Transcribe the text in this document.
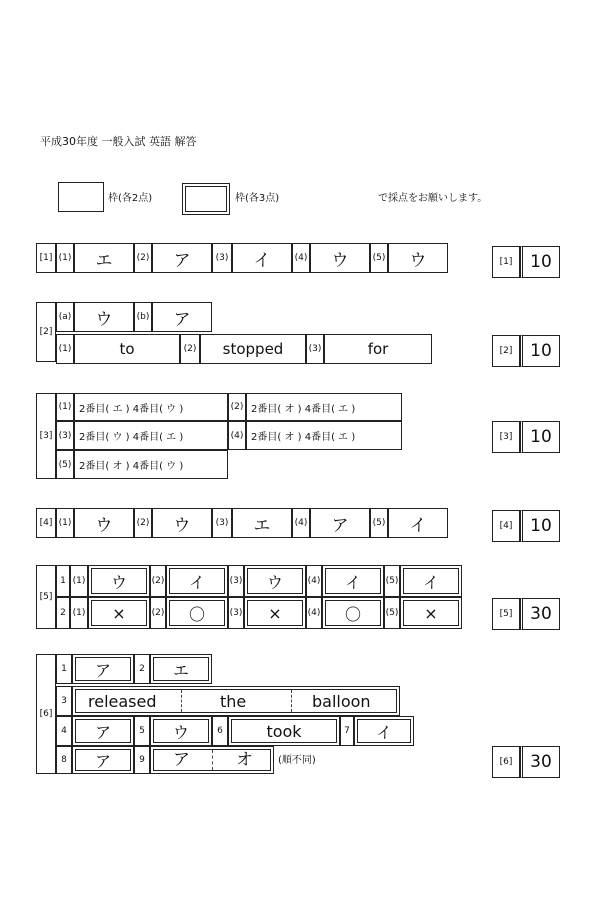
平成30年度 一般入試 英語 解答
枠(各2点)	枠(各3点)	で採点をお願いします。
[1] (1)	エ	(2)	ア	(3)	イ	(4)	ウ	(5)	ウ	[1]	10
[2]
(a)	ウ	(b)	ア
(1)	to	(2)	stopped	(3)	for	[2]	10
[3]
(1) 2番目( エ ) 4番目( ウ )	(2) 2番目( オ ) 4番目( エ )
(3) 2番目( ウ ) 4番目( エ )	(4) 2番目( オ ) 4番目( エ )
(5) 2番目( オ ) 4番目( ウ )
[3]	10
[4] (1)	ウ	(2)	ウ	(3)	エ	(4)	ア	(5)	イ	[4]	10
[5]
1 (1)	ウ	(2)	イ	(3)	ウ	(4)	イ	(5)	イ
2 (1)	×	(2)	〇	(3)	×	(4)	〇	(5)	×	[5]	30
[6]
1	ア	2	エ
3	released	the	balloon
4	ア	5	ウ	6	took	7	イ
8	ア	9	ア	オ	(順不同)	[6]	30
